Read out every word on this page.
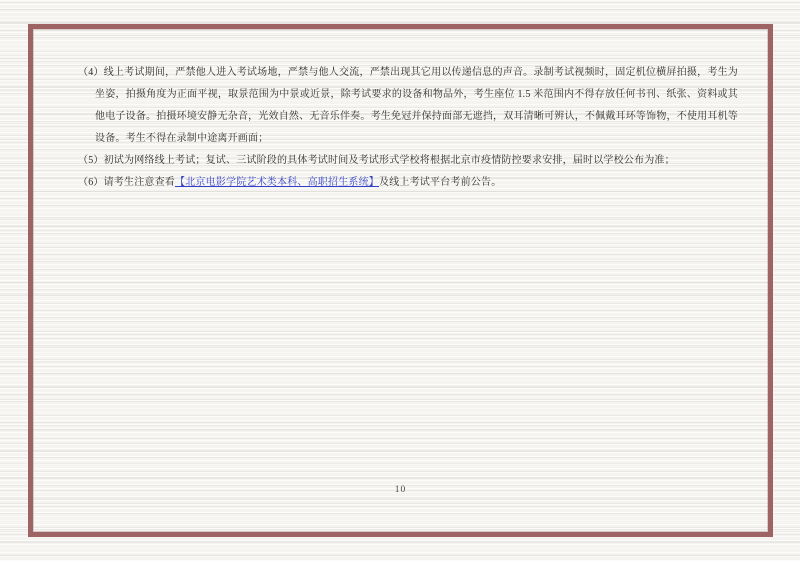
（4）线上考试期间，严禁他人进入考试场地，严禁与他人交流，严禁出现其它用以传递信息的声音。录制考试视频时，固定机位横屏拍摄，考生为坐姿，拍摄角度为正面平视，取景范围为中景或近景，除考试要求的设备和物品外，考生座位 1.5 米范围内不得存放任何书刊、纸张、资料或其他电子设备。拍摄环境安静无杂音，光效自然、无音乐伴奏。考生免冠并保持面部无遮挡，双耳清晰可辨认，不佩戴耳环等饰物，不使用耳机等设备。考生不得在录制中途离开画面；

（5）初试为网络线上考试；复试、三试阶段的具体考试时间及考试形式学校将根据北京市疫情防控要求安排，届时以学校公布为准；

（6）请考生注意查看【北京电影学院艺术类本科、高职招生系统】及线上考试平台考前公告。

10
